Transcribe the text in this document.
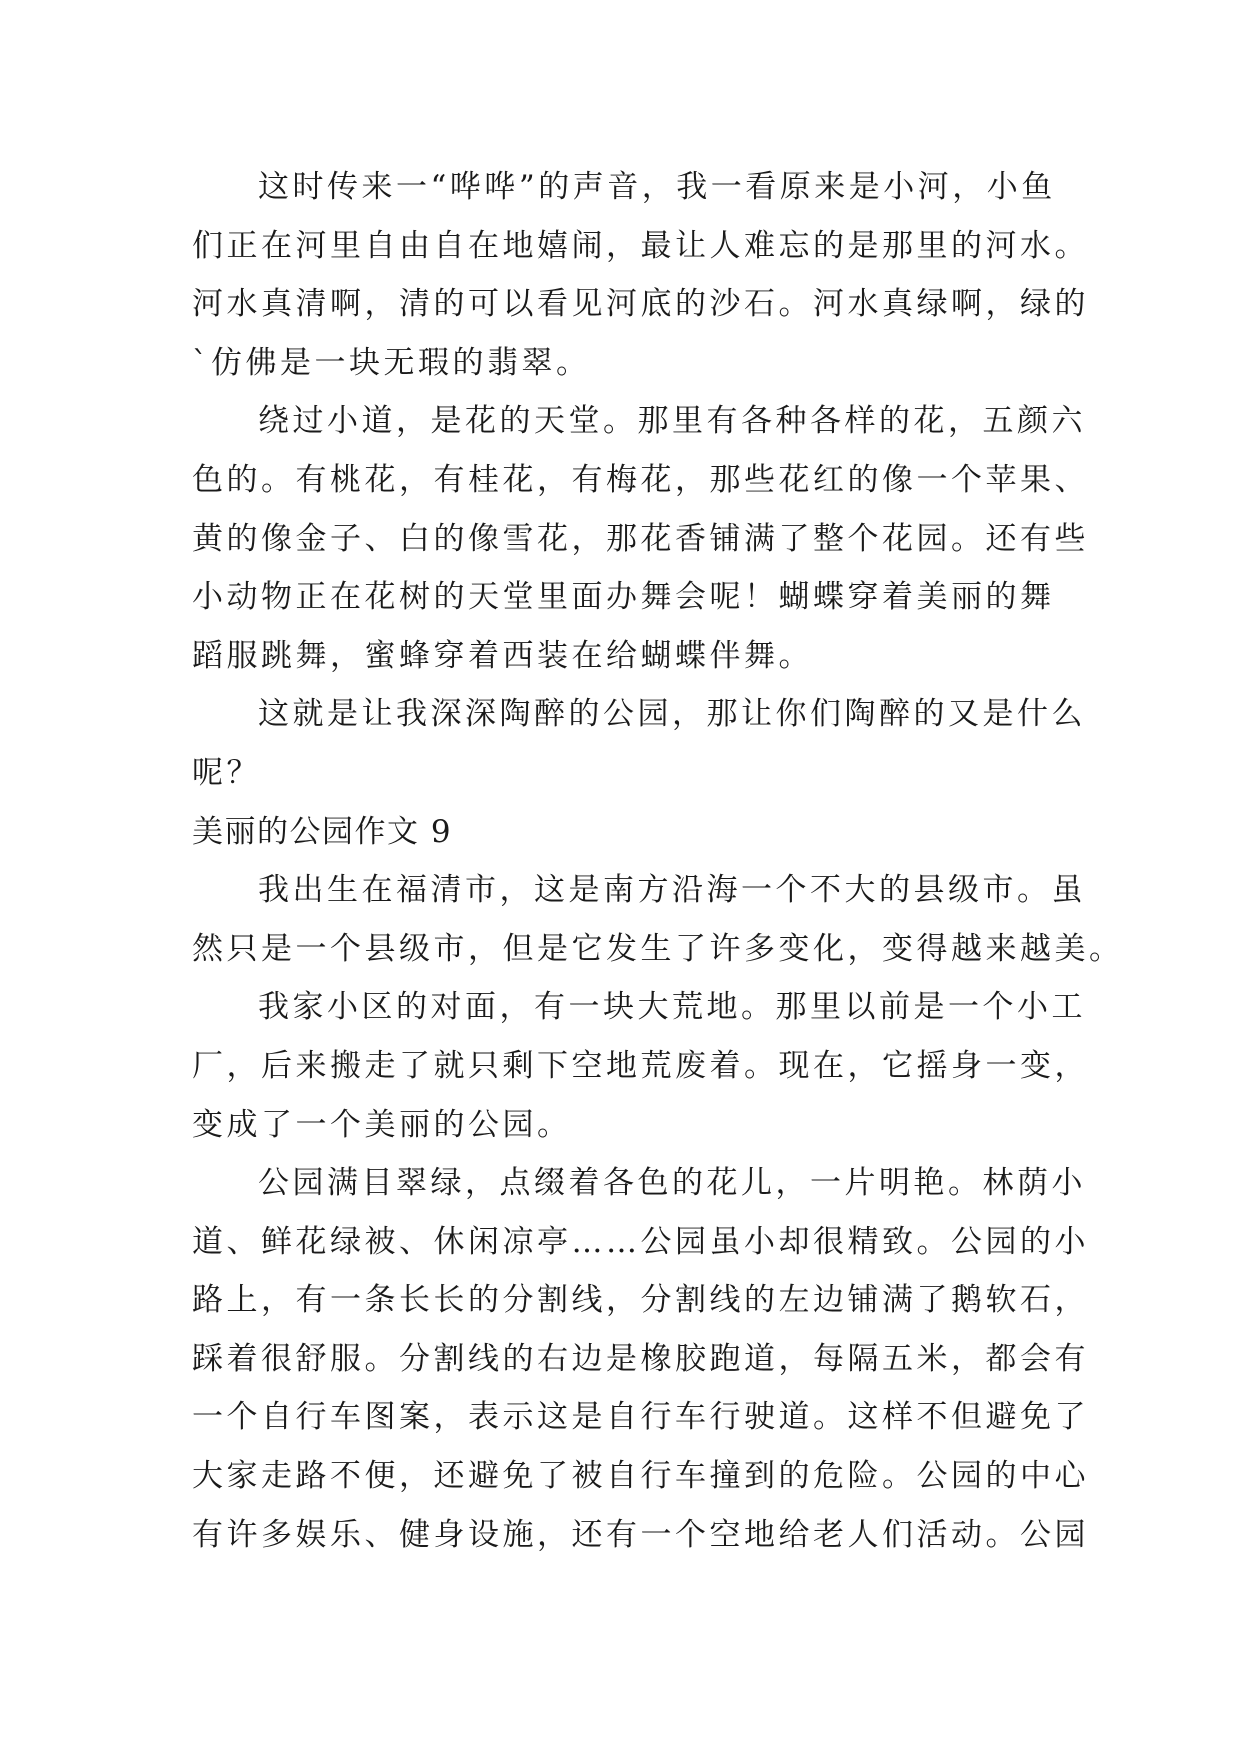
这时传来一“哗哗”的声音，我一看原来是小河，小鱼
们正在河里自由自在地嬉闹，最让人难忘的是那里的河水。
河水真清啊，清的可以看见河底的沙石。河水真绿啊，绿的
`仿佛是一块无瑕的翡翠。
绕过小道，是花的天堂。那里有各种各样的花，五颜六
色的。有桃花，有桂花，有梅花，那些花红的像一个苹果、
黄的像金子、白的像雪花，那花香铺满了整个花园。还有些
小动物正在花树的天堂里面办舞会呢！蝴蝶穿着美丽的舞
蹈服跳舞，蜜蜂穿着西装在给蝴蝶伴舞。
这就是让我深深陶醉的公园，那让你们陶醉的又是什么
呢？
美丽的公园作文 9
我出生在福清市，这是南方沿海一个不大的县级市。虽
然只是一个县级市，但是它发生了许多变化，变得越来越美。
我家小区的对面，有一块大荒地。那里以前是一个小工
厂，后来搬走了就只剩下空地荒废着。现在，它摇身一变，
变成了一个美丽的公园。
公园满目翠绿，点缀着各色的花儿，一片明艳。林荫小
道、鲜花绿被、休闲凉亭……公园虽小却很精致。公园的小
路上，有一条长长的分割线，分割线的左边铺满了鹅软石，
踩着很舒服。分割线的右边是橡胶跑道，每隔五米，都会有
一个自行车图案，表示这是自行车行驶道。这样不但避免了
大家走路不便，还避免了被自行车撞到的危险。公园的中心
有许多娱乐、健身设施，还有一个空地给老人们活动。公园
